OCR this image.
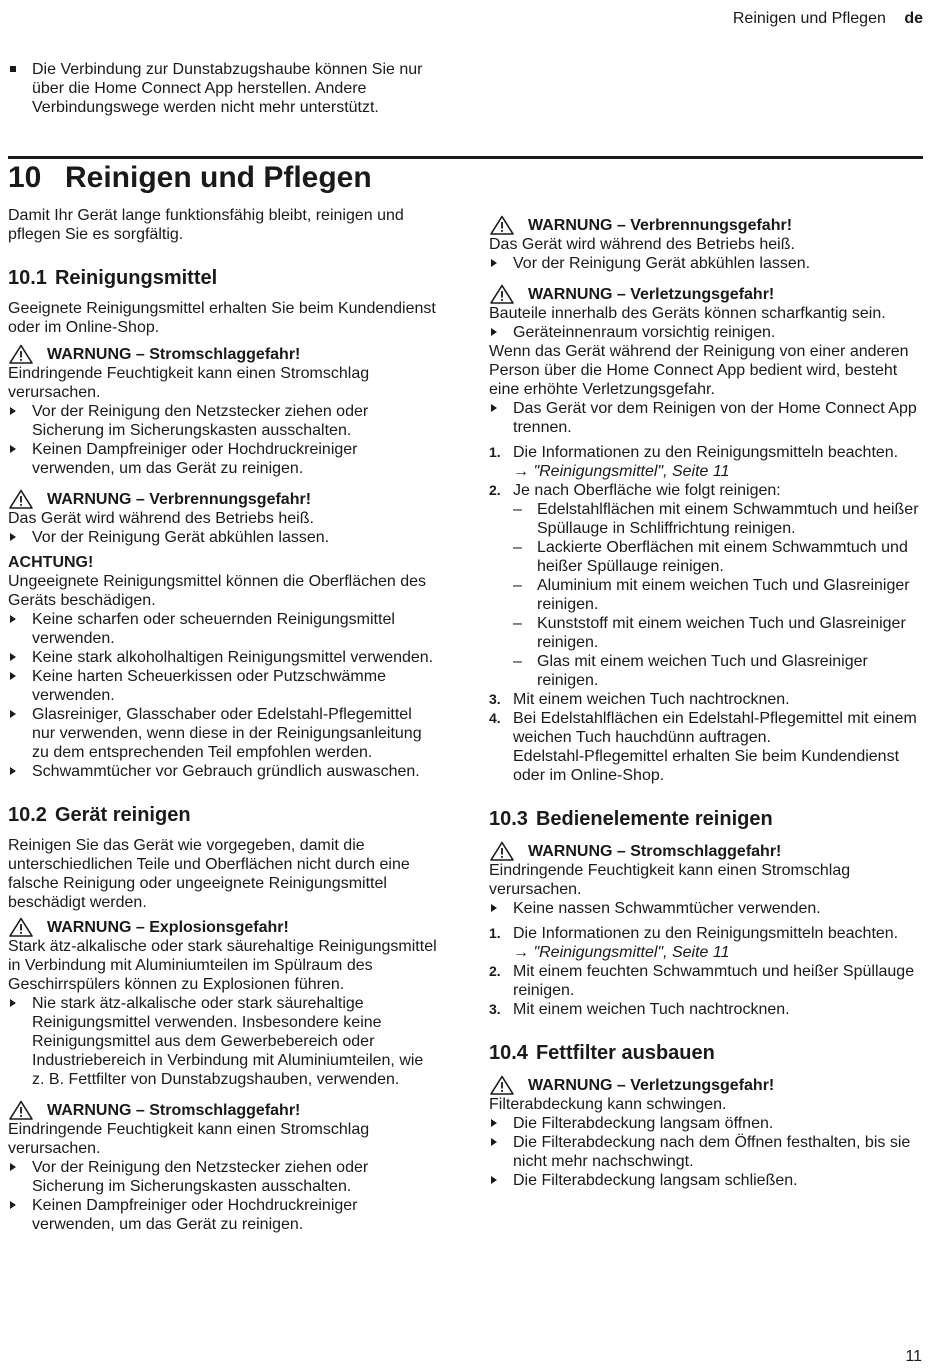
Reinigen und Pflegen de
Die Verbindung zur Dunstabzugshaube können Sie nur über die Home Connect App herstellen. Andere Verbindungswege werden nicht mehr unterstützt.
10 Reinigen und Pflegen

Damit Ihr Gerät lange funktionsfähig bleibt, reinigen und pflegen Sie es sorgfältig.

10.1 Reinigungsmittel

Geeignete Reinigungsmittel erhalten Sie beim Kundendienst oder im Online-Shop.

WARNUNG – Stromschlaggefahr!

Eindringende Feuchtigkeit kann einen Stromschlag verursachen.

Vor der Reinigung den Netzstecker ziehen oder Sicherung im Sicherungskasten ausschalten.
Keinen Dampfreiniger oder Hochdruckreiniger verwenden, um das Gerät zu reinigen.
WARNUNG – Verbrennungsgefahr!

Das Gerät wird während des Betriebs heiß.

Vor der Reinigung Gerät abkühlen lassen.

ACHTUNG!

Ungeeignete Reinigungsmittel können die Oberflächen des Geräts beschädigen.

Keine scharfen oder scheuernden Reinigungsmittel verwenden.
Keine stark alkoholhaltigen Reinigungsmittel verwenden.
Keine harten Scheuerkissen oder Putzschwämme verwenden.
Glasreiniger, Glasschaber oder Edelstahl-Pflegemittel nur verwenden, wenn diese in der Reinigungsanleitung zu dem entsprechenden Teil empfohlen werden.
Schwammtücher vor Gebrauch gründlich auswaschen.
10.2 Gerät reinigen

Reinigen Sie das Gerät wie vorgegeben, damit die unterschiedlichen Teile und Oberflächen nicht durch eine falsche Reinigung oder ungeeignete Reinigungsmittel beschädigt werden.

WARNUNG – Explosionsgefahr!

Stark ätz-alkalische oder stark säurehaltige Reinigungsmittel in Verbindung mit Aluminiumteilen im Spülraum des Geschirrspülers können zu Explosionen führen.

Nie stark ätz-alkalische oder stark säurehaltige Reinigungsmittel verwenden. Insbesondere keine Reinigungsmittel aus dem Gewerbebereich oder Industriebereich in Verbindung mit Aluminiumteilen, wie z. B. Fettfilter von Dunstabzugshauben, verwenden.
WARNUNG – Stromschlaggefahr!

Eindringende Feuchtigkeit kann einen Stromschlag verursachen.

Vor der Reinigung den Netzstecker ziehen oder Sicherung im Sicherungskasten ausschalten.
Keinen Dampfreiniger oder Hochdruckreiniger verwenden, um das Gerät zu reinigen.
WARNUNG – Verbrennungsgefahr!

Das Gerät wird während des Betriebs heiß.

Vor der Reinigung Gerät abkühlen lassen.
WARNUNG – Verletzungsgefahr!

Bauteile innerhalb des Geräts können scharfkantig sein.

Geräteinnenraum vorsichtig reinigen.

Wenn das Gerät während der Reinigung von einer anderen Person über die Home Connect App bedient wird, besteht eine erhöhte Verletzungsgefahr.

Das Gerät vor dem Reinigen von der Home Connect App trennen.
1. Die Informationen zu den Reinigungsmitteln beachten.
→ "Reinigungsmittel", Seite 11
2. Je nach Oberfläche wie folgt reinigen:
– Edelstahlflächen mit einem Schwammtuch und heißer Spüllauge in Schliffrichtung reinigen.
– Lackierte Oberflächen mit einem Schwammtuch und heißer Spüllauge reinigen.
– Aluminium mit einem weichen Tuch und Glasreiniger reinigen.
– Kunststoff mit einem weichen Tuch und Glasreiniger reinigen.
– Glas mit einem weichen Tuch und Glasreiniger reinigen.
3. Mit einem weichen Tuch nachtrocknen.
4. Bei Edelstahlflächen ein Edelstahl-Pflegemittel mit einem weichen Tuch hauchdünn auftragen.
Edelstahl-Pflegemittel erhalten Sie beim Kundendienst oder im Online-Shop.
10.3 Bedienelemente reinigen
WARNUNG – Stromschlaggefahr!

Eindringende Feuchtigkeit kann einen Stromschlag verursachen.

Keine nassen Schwammtücher verwenden.
1. Die Informationen zu den Reinigungsmitteln beachten.
→ "Reinigungsmittel", Seite 11
2. Mit einem feuchten Schwammtuch und heißer Spüllauge reinigen.
3. Mit einem weichen Tuch nachtrocknen.
10.4 Fettfilter ausbauen
WARNUNG – Verletzungsgefahr!

Filterabdeckung kann schwingen.

Die Filterabdeckung langsam öffnen.
Die Filterabdeckung nach dem Öffnen festhalten, bis sie nicht mehr nachschwingt.
Die Filterabdeckung langsam schließen.
11
